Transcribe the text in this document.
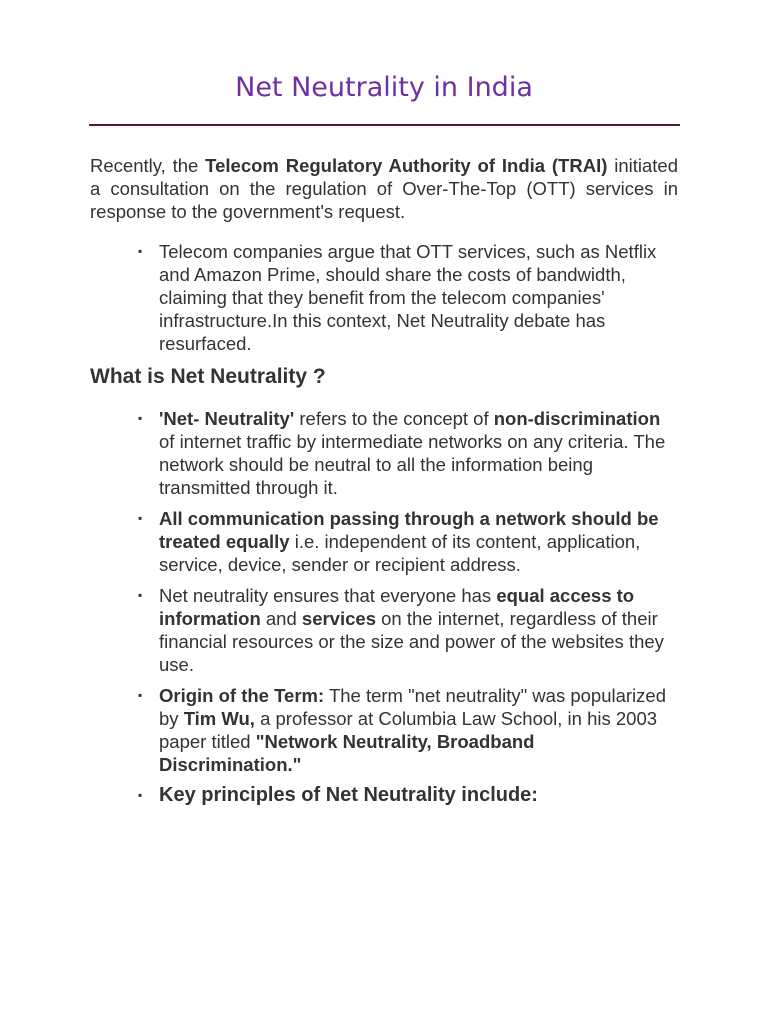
Net Neutrality in India

Recently, the Telecom Regulatory Authority of India (TRAI) initiated a consultation on the regulation of Over-The-Top (OTT) services in response to the government's request.

▪ Telecom companies argue that OTT services, such as Netflix and Amazon Prime, should share the costs of bandwidth, claiming that they benefit from the telecom companies' infrastructure.In this context, Net Neutrality debate has resurfaced.
What is Net Neutrality ?
▪ 'Net- Neutrality' refers to the concept of non-discrimination of internet traffic by intermediate networks on any criteria. The network should be neutral to all the information being transmitted through it.
▪ All communication passing through a network should be treated equally i.e. independent of its content, application, service, device, sender or recipient address.
▪ Net neutrality ensures that everyone has equal access to information and services on the internet, regardless of their financial resources or the size and power of the websites they use.
▪ Origin of the Term: The term "net neutrality" was popularized by Tim Wu, a professor at Columbia Law School, in his 2003 paper titled "Network Neutrality, Broadband Discrimination."
▪ Key principles of Net Neutrality include:
